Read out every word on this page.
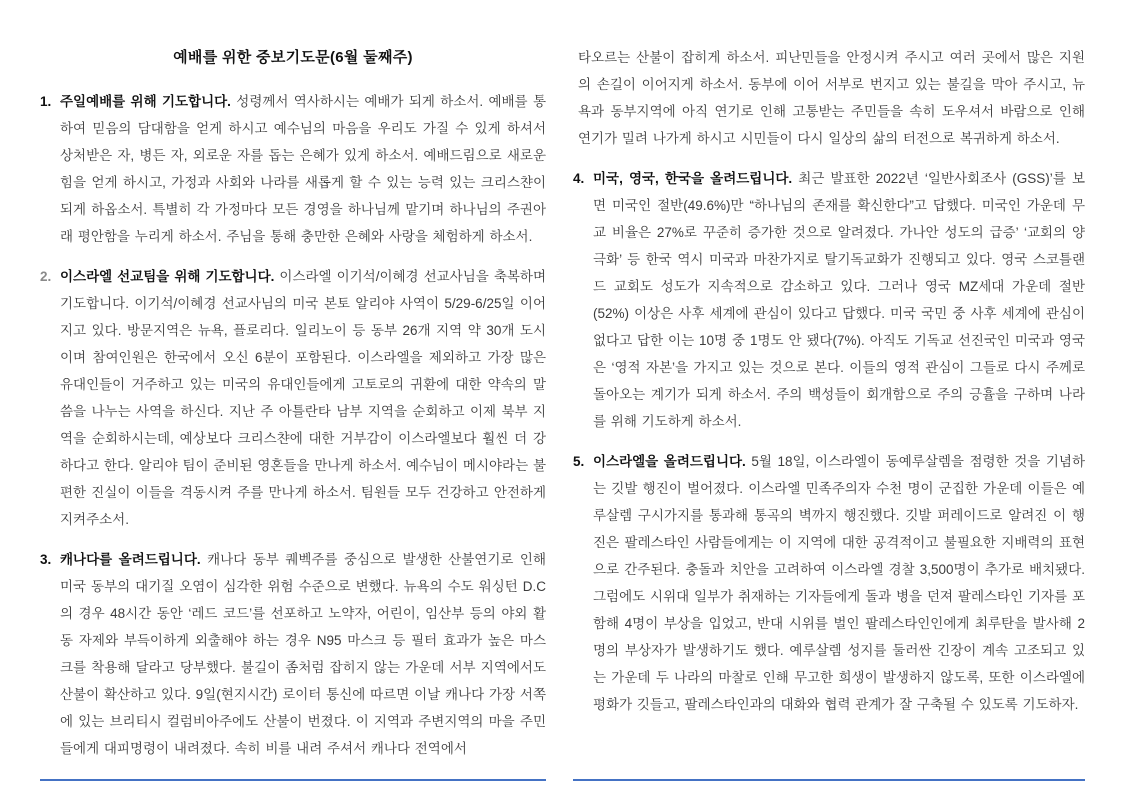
예배를 위한 중보기도문(6월 둘째주)
1. 주일예배를 위해 기도합니다. 성령께서 역사하시는 예배가 되게 하소서. 예배를 통하여 믿음의 담대함을 얻게 하시고 예수님의 마음을 우리도 가질 수 있게 하셔서 상처받은 자, 병든 자, 외로운 자를 돕는 은혜가 있게 하소서. 예배드림으로 새로운 힘을 얻게 하시고, 가정과 사회와 나라를 새롭게 할 수 있는 능력 있는 크리스챤이 되게 하옵소서. 특별히 각 가정마다 모든 경영을 하나님께 맡기며 하나님의 주권아래 평안함을 누리게 하소서. 주님을 통해 충만한 은혜와 사랑을 체험하게 하소서.

2. 이스라엘 선교팀을 위해 기도합니다. 이스라엘 이기석/이혜경 선교사님을 축복하며 기도합니다. 이기석/이혜경 선교사님의 미국 본토 알리야 사역이 5/29-6/25일 이어지고 있다. 방문지역은 뉴욕, 플로리다. 일리노이 등 동부 26개 지역 약 30개 도시이며 참여인원은 한국에서 오신 6분이 포함된다. 이스라엘을 제외하고 가장 많은 유대인들이 거주하고 있는 미국의 유대인들에게 고토로의 귀환에 대한 약속의 말씀을 나누는 사역을 하신다. 지난 주 아틀란타 남부 지역을 순회하고 이제 북부 지역을 순회하시는데, 예상보다 크리스챤에 대한 거부감이 이스라엘보다 훨씬 더 강하다고 한다. 알리야 팀이 준비된 영혼들을 만나게 하소서. 예수님이 메시야라는 불편한 진실이 이들을 격동시켜 주를 만나게 하소서. 팀원들 모두 건강하고 안전하게 지켜주소서.

3. 캐나다를 올려드립니다. 캐나다 동부 퀘벡주를 중심으로 발생한 산불연기로 인해 미국 동부의 대기질 오염이 심각한 위험 수준으로 변했다. 뉴욕의 수도 워싱턴 D.C의 경우 48시간 동안 ‘레드 코드’를 선포하고 노약자, 어린이, 임산부 등의 야외 활동 자제와 부득이하게 외출해야 하는 경우 N95 마스크 등 필터 효과가 높은 마스크를 착용해 달라고 당부했다. 불길이 좀처럼 잡히지 않는 가운데 서부 지역에서도 산불이 확산하고 있다. 9일(현지시간) 로이터 통신에 따르면 이날 캐나다 가장 서쪽에 있는 브리티시 컬럼비아주에도 산불이 번졌다. 이 지역과 주변지역의 마을 주민들에게 대피명령이 내려졌다. 속히 비를 내려 주셔서 캐나다 전역에서

타오르는 산불이 잡히게 하소서. 피난민들을 안정시켜 주시고 여러 곳에서 많은 지원의 손길이 이어지게 하소서. 동부에 이어 서부로 번지고 있는 불길을 막아 주시고, 뉴욕과 동부지역에 아직 연기로 인해 고통받는 주민들을 속히 도우셔서 바람으로 인해 연기가 밀려 나가게 하시고 시민들이 다시 일상의 삶의 터전으로 복귀하게 하소서.

4. 미국, 영국, 한국을 올려드립니다. 최근 발표한 2022년 ‘일반사회조사 (GSS)’를 보면 미국인 절반(49.6%)만 “하나님의 존재를 확신한다”고 답했다. 미국인 가운데 무교 비율은 27%로 꾸준히 증가한 것으로 알려졌다. 가나안 성도의 급증’ ‘교회의 양극화’ 등 한국 역시 미국과 마찬가지로 탈기독교화가 진행되고 있다. 영국 스코틀랜드 교회도 성도가 지속적으로 감소하고 있다. 그러나 영국 MZ세대 가운데 절반(52%) 이상은 사후 세계에 관심이 있다고 답했다. 미국 국민 중 사후 세계에 관심이 없다고 답한 이는 10명 중 1명도 안 됐다(7%). 아직도 기독교 선진국인 미국과 영국은 ‘영적 자본’을 가지고 있는 것으로 본다. 이들의 영적 관심이 그들로 다시 주께로 돌아오는 계기가 되게 하소서. 주의 백성들이 회개함으로 주의 긍휼을 구하며 나라를 위해 기도하게 하소서.

5. 이스라엘을 올려드립니다. 5월 18일, 이스라엘이 동예루살렘을 점령한 것을 기념하는 깃발 행진이 벌어졌다. 이스라엘 민족주의자 수천 명이 군집한 가운데 이들은 예루살렘 구시가지를 통과해 통곡의 벽까지 행진했다. 깃발 퍼레이드로 알려진 이 행진은 팔레스타인 사람들에게는 이 지역에 대한 공격적이고 불필요한 지배력의 표현으로 간주된다. 충돌과 치안을 고려하여 이스라엘 경찰 3,500명이 추가로 배치됐다. 그럼에도 시위대 일부가 취재하는 기자들에게 돌과 병을 던져 팔레스타인 기자를 포함해 4명이 부상을 입었고, 반대 시위를 벌인 팔레스타인인에게 최루탄을 발사해 2명의 부상자가 발생하기도 했다. 예루살렘 성지를 둘러싼 긴장이 계속 고조되고 있는 가운데 두 나라의 마찰로 인해 무고한 희생이 발생하지 않도록, 또한 이스라엘에 평화가 깃들고, 팔레스타인과의 대화와 협력 관계가 잘 구축될 수 있도록 기도하자.
